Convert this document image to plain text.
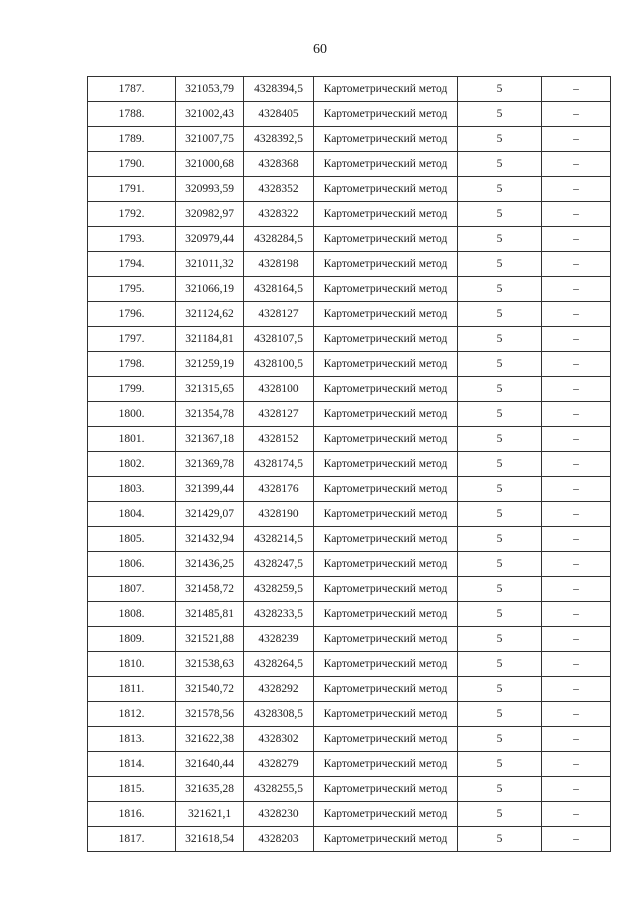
60
1787.	321053,79	4328394,5	Картометрический метод	5	–
1788.	321002,43	4328405	Картометрический метод	5	–
1789.	321007,75	4328392,5	Картометрический метод	5	–
1790.	321000,68	4328368	Картометрический метод	5	–
1791.	320993,59	4328352	Картометрический метод	5	–
1792.	320982,97	4328322	Картометрический метод	5	–
1793.	320979,44	4328284,5	Картометрический метод	5	–
1794.	321011,32	4328198	Картометрический метод	5	–
1795.	321066,19	4328164,5	Картометрический метод	5	–
1796.	321124,62	4328127	Картометрический метод	5	–
1797.	321184,81	4328107,5	Картометрический метод	5	–
1798.	321259,19	4328100,5	Картометрический метод	5	–
1799.	321315,65	4328100	Картометрический метод	5	–
1800.	321354,78	4328127	Картометрический метод	5	–
1801.	321367,18	4328152	Картометрический метод	5	–
1802.	321369,78	4328174,5	Картометрический метод	5	–
1803.	321399,44	4328176	Картометрический метод	5	–
1804.	321429,07	4328190	Картометрический метод	5	–
1805.	321432,94	4328214,5	Картометрический метод	5	–
1806.	321436,25	4328247,5	Картометрический метод	5	–
1807.	321458,72	4328259,5	Картометрический метод	5	–
1808.	321485,81	4328233,5	Картометрический метод	5	–
1809.	321521,88	4328239	Картометрический метод	5	–
1810.	321538,63	4328264,5	Картометрический метод	5	–
1811.	321540,72	4328292	Картометрический метод	5	–
1812.	321578,56	4328308,5	Картометрический метод	5	–
1813.	321622,38	4328302	Картометрический метод	5	–
1814.	321640,44	4328279	Картометрический метод	5	–
1815.	321635,28	4328255,5	Картометрический метод	5	–
1816.	321621,1	4328230	Картометрический метод	5	–
1817.	321618,54	4328203	Картометрический метод	5	–
